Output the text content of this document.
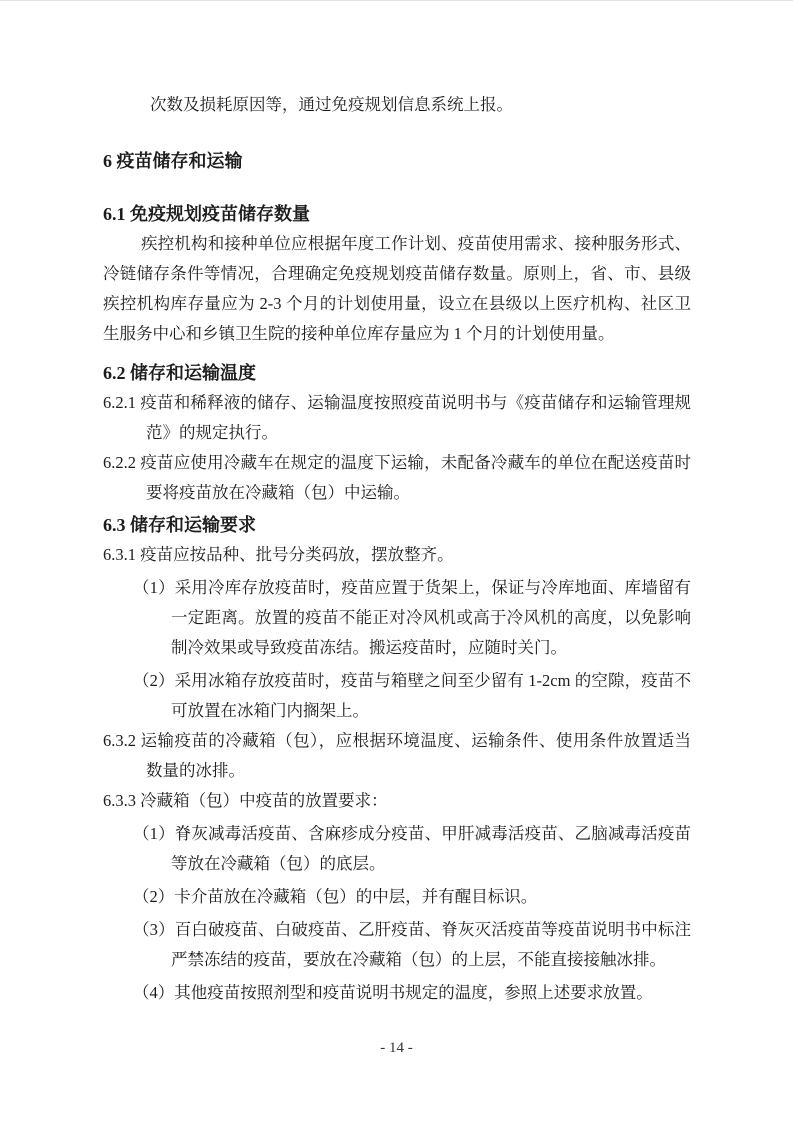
次数及损耗原因等，通过免疫规划信息系统上报。

6 疫苗储存和运输
6.1 免疫规划疫苗储存数量

疾控机构和接种单位应根据年度工作计划、疫苗使用需求、接种服务形式、冷链储存条件等情况，合理确定免疫规划疫苗储存数量。原则上，省、市、县级疾控机构库存量应为 2-3 个月的计划使用量，设立在县级以上医疗机构、社区卫生服务中心和乡镇卫生院的接种单位库存量应为 1 个月的计划使用量。

6.2 储存和运输温度

6.2.1 疫苗和稀释液的储存、运输温度按照疫苗说明书与《疫苗储存和运输管理规范》的规定执行。

6.2.2 疫苗应使用冷藏车在规定的温度下运输，未配备冷藏车的单位在配送疫苗时要将疫苗放在冷藏箱（包）中运输。

6.3 储存和运输要求

6.3.1 疫苗应按品种、批号分类码放，摆放整齐。

（1）采用冷库存放疫苗时，疫苗应置于货架上，保证与冷库地面、库墙留有一定距离。放置的疫苗不能正对冷风机或高于冷风机的高度，以免影响制冷效果或导致疫苗冻结。搬运疫苗时，应随时关门。

（2）采用冰箱存放疫苗时，疫苗与箱壁之间至少留有 1-2cm 的空隙，疫苗不可放置在冰箱门内搁架上。

6.3.2 运输疫苗的冷藏箱（包），应根据环境温度、运输条件、使用条件放置适当数量的冰排。

6.3.3 冷藏箱（包）中疫苗的放置要求：

（1）脊灰减毒活疫苗、含麻疹成分疫苗、甲肝减毒活疫苗、乙脑减毒活疫苗等放在冷藏箱（包）的底层。

（2）卡介苗放在冷藏箱（包）的中层，并有醒目标识。

（3）百白破疫苗、白破疫苗、乙肝疫苗、脊灰灭活疫苗等疫苗说明书中标注严禁冻结的疫苗，要放在冷藏箱（包）的上层，不能直接接触冰排。

（4）其他疫苗按照剂型和疫苗说明书规定的温度，参照上述要求放置。

- 14 -
